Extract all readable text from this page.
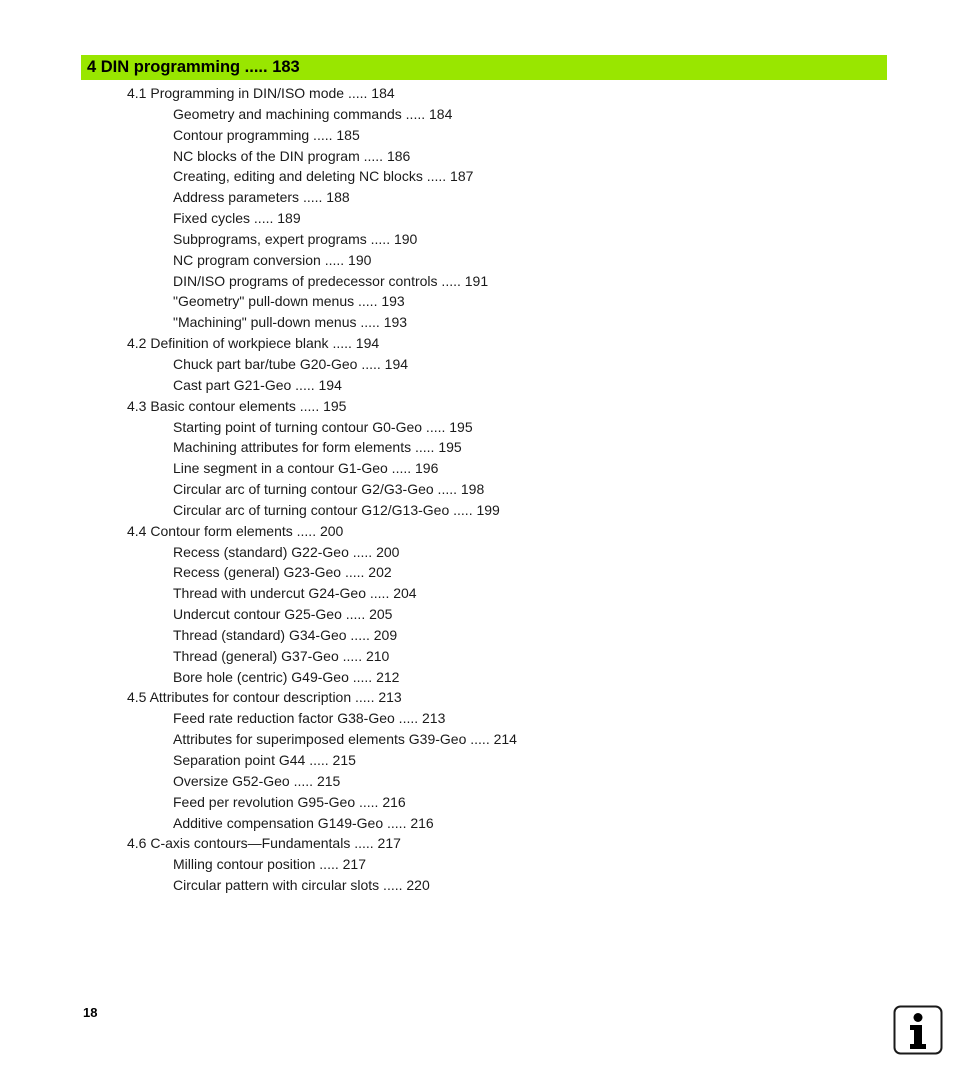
4 DIN programming ..... 183
4.1 Programming in DIN/ISO mode ..... 184
Geometry and machining commands ..... 184
Contour programming ..... 185
NC blocks of the DIN program ..... 186
Creating, editing and deleting NC blocks ..... 187
Address parameters ..... 188
Fixed cycles ..... 189
Subprograms, expert programs ..... 190
NC program conversion ..... 190
DIN/ISO programs of predecessor controls ..... 191
"Geometry" pull-down menus ..... 193
"Machining" pull-down menus ..... 193
4.2 Definition of workpiece blank ..... 194
Chuck part bar/tube G20-Geo ..... 194
Cast part G21-Geo ..... 194
4.3 Basic contour elements ..... 195
Starting point of turning contour G0-Geo ..... 195
Machining attributes for form elements ..... 195
Line segment in a contour G1-Geo ..... 196
Circular arc of turning contour G2/G3-Geo ..... 198
Circular arc of turning contour G12/G13-Geo ..... 199
4.4 Contour form elements ..... 200
Recess (standard) G22-Geo ..... 200
Recess (general) G23-Geo ..... 202
Thread with undercut G24-Geo ..... 204
Undercut contour G25-Geo ..... 205
Thread (standard) G34-Geo ..... 209
Thread (general) G37-Geo ..... 210
Bore hole (centric) G49-Geo ..... 212
4.5 Attributes for contour description ..... 213
Feed rate reduction factor G38-Geo ..... 213
Attributes for superimposed elements G39-Geo ..... 214
Separation point G44 ..... 215
Oversize G52-Geo ..... 215
Feed per revolution G95-Geo ..... 216
Additive compensation G149-Geo ..... 216
4.6 C-axis contours—Fundamentals ..... 217
Milling contour position ..... 217
Circular pattern with circular slots ..... 220
18
